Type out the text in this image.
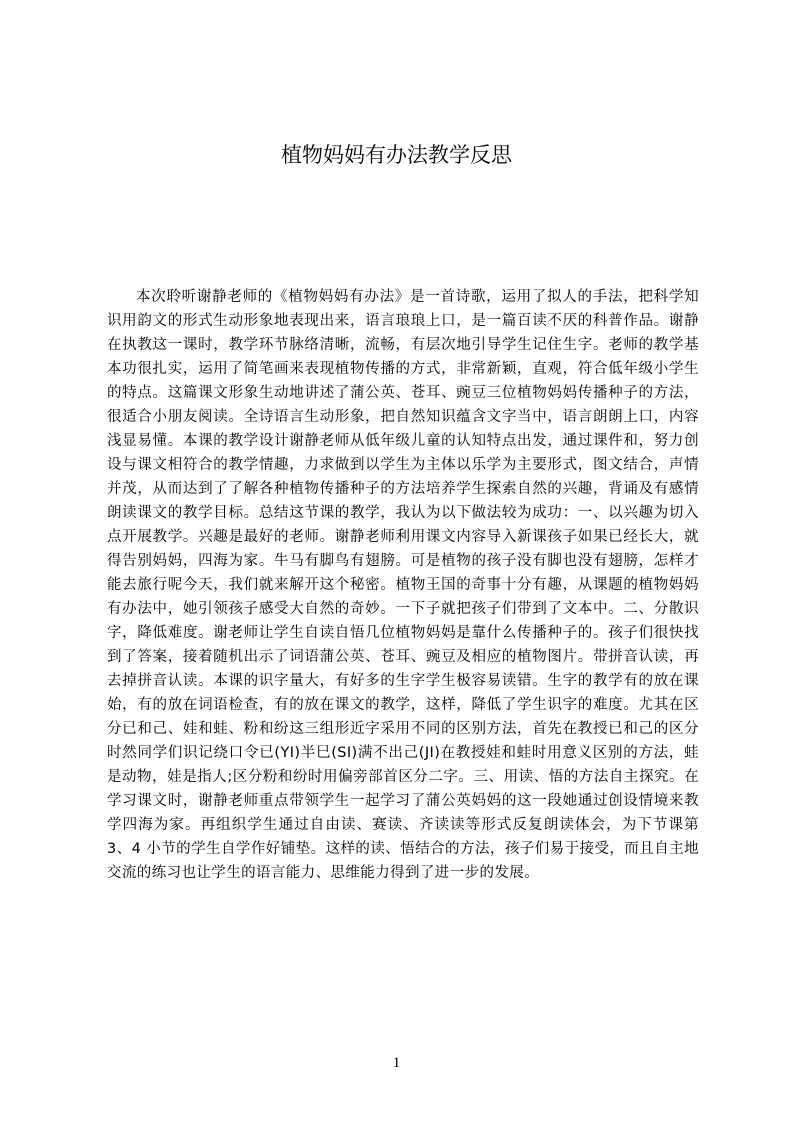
植物妈妈有办法教学反思

本次聆听谢静老师的《植物妈妈有办法》是一首诗歌，运用了拟人的手法，把科学知识用韵文的形式生动形象地表现出来，语言琅琅上口，是一篇百读不厌的科普作品。谢静在执教这一课时，教学环节脉络清晰，流畅，有层次地引导学生记住生字。老师的教学基本功很扎实，运用了简笔画来表现植物传播的方式，非常新颖，直观，符合低年级小学生的特点。这篇课文形象生动地讲述了蒲公英、苍耳、豌豆三位植物妈妈传播种子的方法，很适合小朋友阅读。全诗语言生动形象，把自然知识蕴含文字当中，语言朗朗上口，内容浅显易懂。本课的教学设计谢静老师从低年级儿童的认知特点出发，通过课件和，努力创设与课文相符合的教学情趣，力求做到以学生为主体以乐学为主要形式，图文结合，声情并茂，从而达到了了解各种植物传播种子的方法培养学生探索自然的兴趣，背诵及有感情朗读课文的教学目标。总结这节课的教学，我认为以下做法较为成功：一、以兴趣为切入点开展教学。兴趣是最好的老师。谢静老师利用课文内容导入新课孩子如果已经长大，就得告别妈妈，四海为家。牛马有脚鸟有翅膀。可是植物的孩子没有脚也没有翅膀，怎样才能去旅行呢今天，我们就来解开这个秘密。植物王国的奇事十分有趣，从课题的植物妈妈有办法中，她引领孩子感受大自然的奇妙。一下子就把孩子们带到了文本中。二、分散识字，降低难度。谢老师让学生自读自悟几位植物妈妈是靠什么传播种子的。孩子们很快找到了答案，接着随机出示了词语蒲公英、苍耳、豌豆及相应的植物图片。带拼音认读，再去掉拼音认读。本课的识字量大，有好多的生字学生极容易读错。生字的教学有的放在课始，有的放在词语检查，有的放在课文的教学，这样，降低了学生识字的难度。尤其在区分已和己、娃和蛙、粉和纷这三组形近字采用不同的区别方法，首先在教授已和己的区分时然同学们识记绕口令已(YI)半巳(SI)满不出己(JI)在教授娃和蛙时用意义区别的方法，蛙是动物，娃是指人;区分粉和纷时用偏旁部首区分二字。三、用读、悟的方法自主探究。在学习课文时，谢静老师重点带领学生一起学习了蒲公英妈妈的这一段她通过创设情境来教学四海为家。再组织学生通过自由读、赛读、齐读读等形式反复朗读体会，为下节课第 3、4 小节的学生自学作好铺垫。这样的读、悟结合的方法，孩子们易于接受，而且自主地交流的练习也让学生的语言能力、思维能力得到了进一步的发展。

1
